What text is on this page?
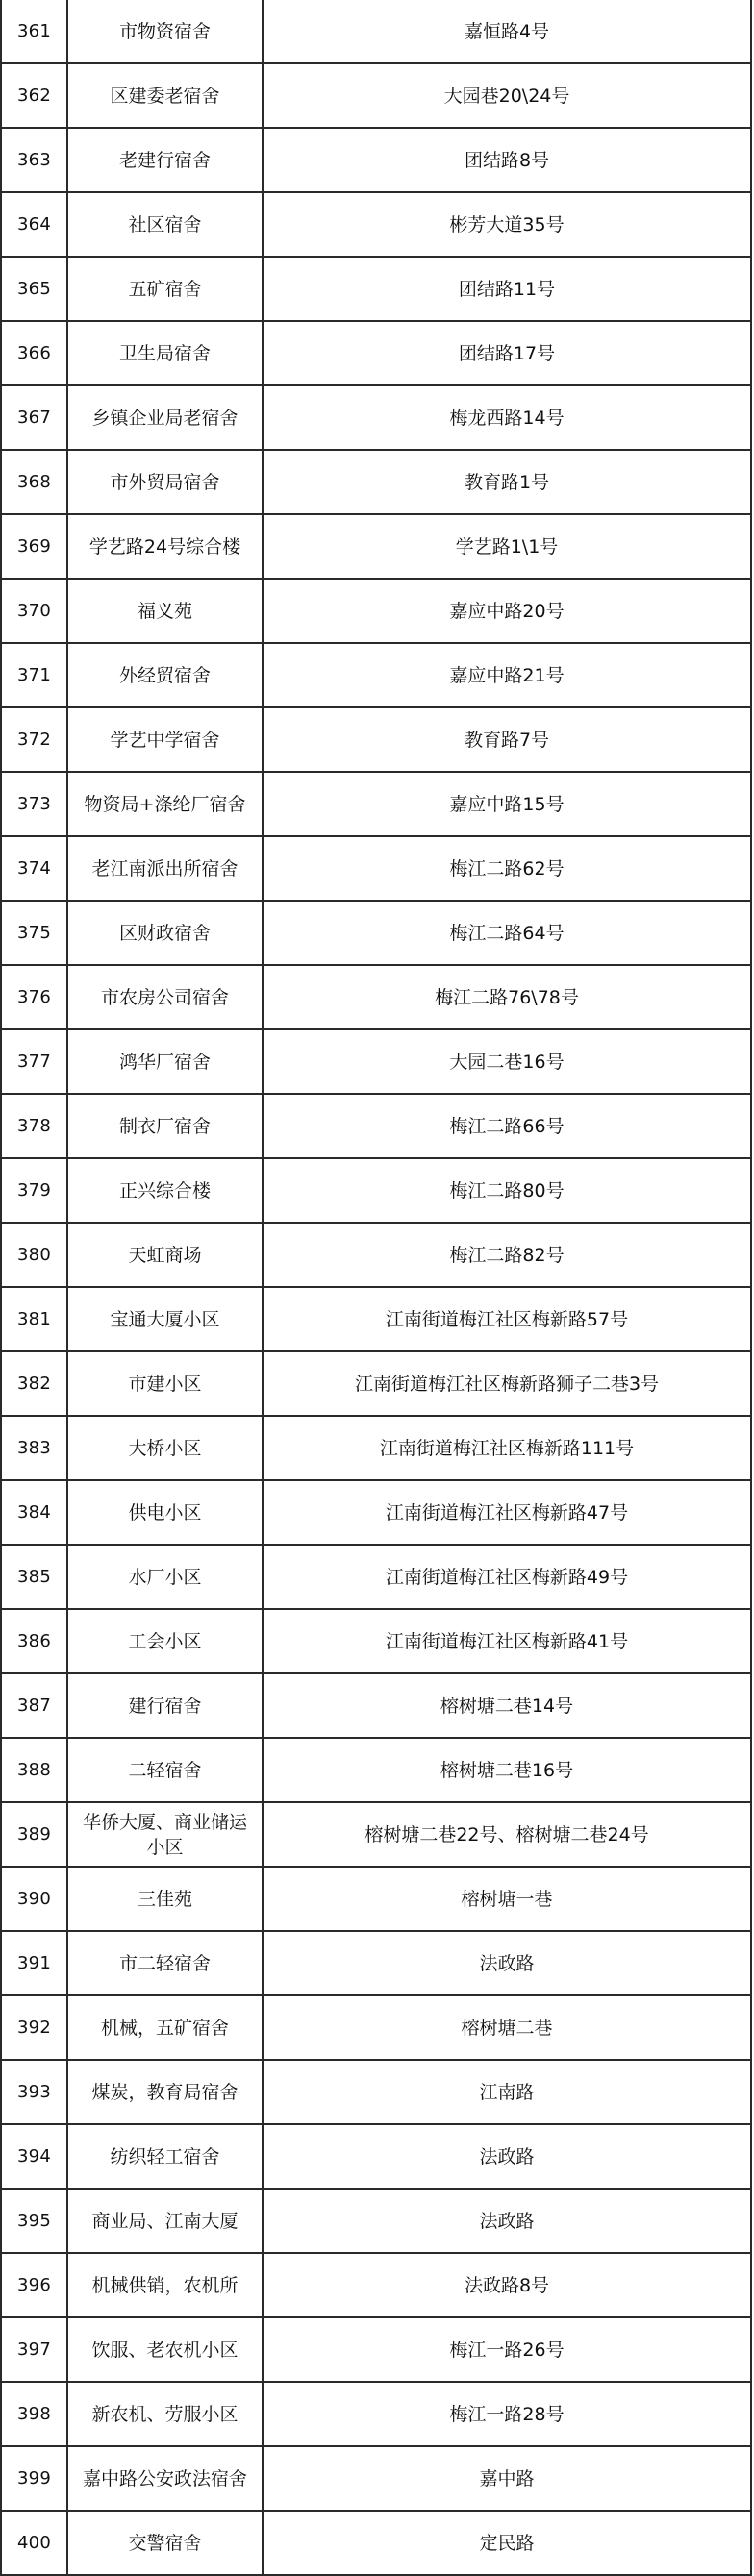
361	市物资宿舍	嘉恒路4号
362	区建委老宿舍	大园巷20\24号
363	老建行宿舍	团结路8号
364	社区宿舍	彬芳大道35号
365	五矿宿舍	团结路11号
366	卫生局宿舍	团结路17号
367	乡镇企业局老宿舍	梅龙西路14号
368	市外贸局宿舍	教育路1号
369	学艺路24号综合楼	学艺路1\1号
370	福义苑	嘉应中路20号
371	外经贸宿舍	嘉应中路21号
372	学艺中学宿舍	教育路7号
373	物资局+涤纶厂宿舍	嘉应中路15号
374	老江南派出所宿舍	梅江二路62号
375	区财政宿舍	梅江二路64号
376	市农房公司宿舍	梅江二路76\78号
377	鸿华厂宿舍	大园二巷16号
378	制衣厂宿舍	梅江二路66号
379	正兴综合楼	梅江二路80号
380	天虹商场	梅江二路82号
381	宝通大厦小区	江南街道梅江社区梅新路57号
382	市建小区	江南街道梅江社区梅新路狮子二巷3号
383	大桥小区	江南街道梅江社区梅新路111号
384	供电小区	江南街道梅江社区梅新路47号
385	水厂小区	江南街道梅江社区梅新路49号
386	工会小区	江南街道梅江社区梅新路41号
387	建行宿舍	榕树塘二巷14号
388	二轻宿舍	榕树塘二巷16号
389	华侨大厦、商业储运小区	榕树塘二巷22号、榕树塘二巷24号
390	三佳苑	榕树塘一巷
391	市二轻宿舍	法政路
392	机械，五矿宿舍	榕树塘二巷
393	煤炭，教育局宿舍	江南路
394	纺织轻工宿舍	法政路
395	商业局、江南大厦	法政路
396	机械供销，农机所	法政路8号
397	饮服、老农机小区	梅江一路26号
398	新农机、劳服小区	梅江一路28号
399	嘉中路公安政法宿舍	嘉中路
400	交警宿舍	定民路
